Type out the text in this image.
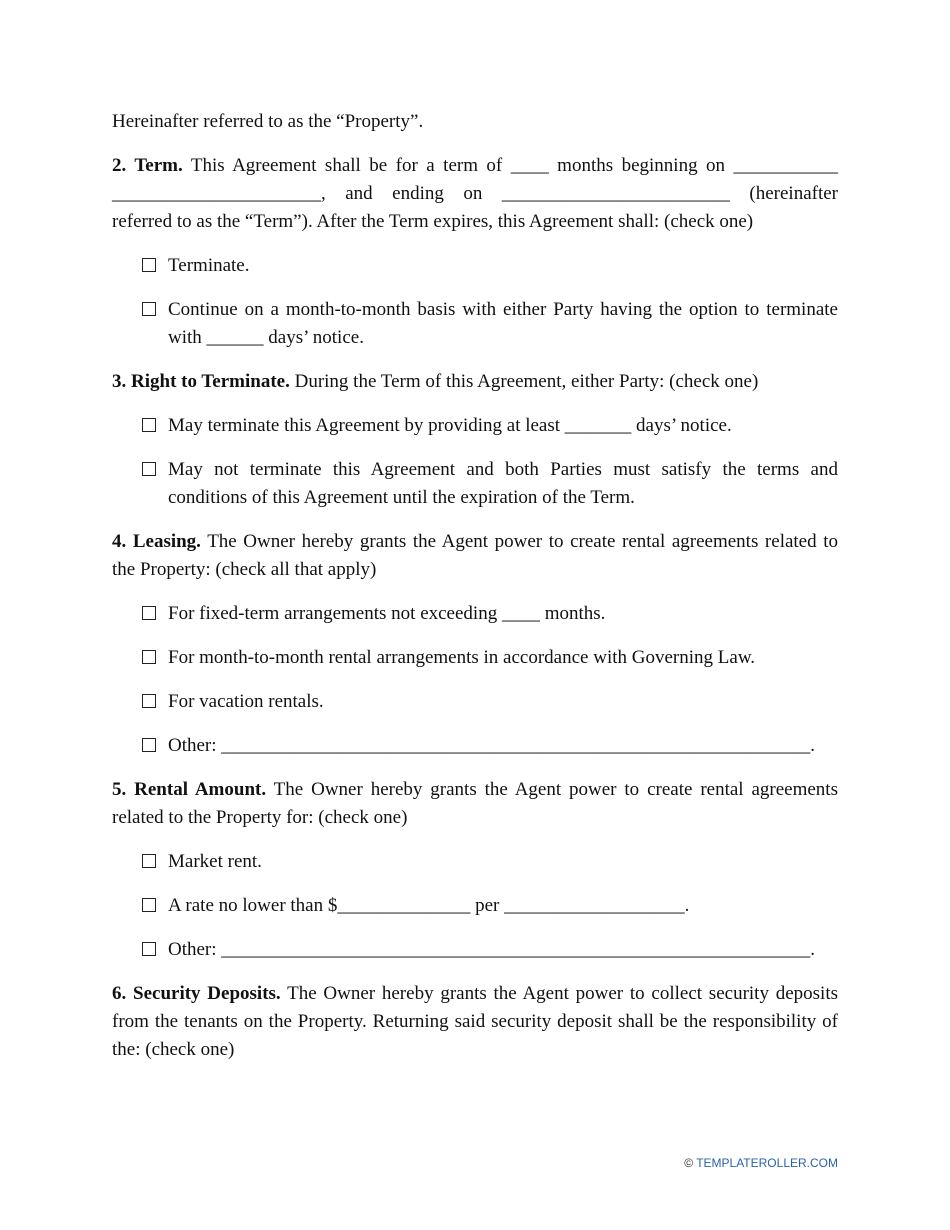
Hereinafter referred to as the “Property”.

2. Term. This Agreement shall be for a term of ____ months beginning on ___________

______________________, and ending on ________________________ (hereinafter

referred to as the “Term”). After the Term expires, this Agreement shall: (check one)

Terminate.
Continue on a month-to-month basis with either Party having the option to terminate with ______ days’ notice.

3. Right to Terminate. During the Term of this Agreement, either Party: (check one)

May terminate this Agreement by providing at least _______ days’ notice.
May not terminate this Agreement and both Parties must satisfy the terms and conditions of this Agreement until the expiration of the Term.

4. Leasing. The Owner hereby grants the Agent power to create rental agreements related to the Property: (check all that apply)

For fixed-term arrangements not exceeding ____ months.
For month-to-month rental arrangements in accordance with Governing Law.
For vacation rentals.
Other: ______________________________________________________________.

5. Rental Amount. The Owner hereby grants the Agent power to create rental agreements related to the Property for: (check one)

Market rent.
A rate no lower than $______________ per ___________________.
Other: ______________________________________________________________.

6. Security Deposits. The Owner hereby grants the Agent power to collect security deposits from the tenants on the Property. Returning said security deposit shall be the responsibility of the: (check one)

© TEMPLATEROLLER.COM
